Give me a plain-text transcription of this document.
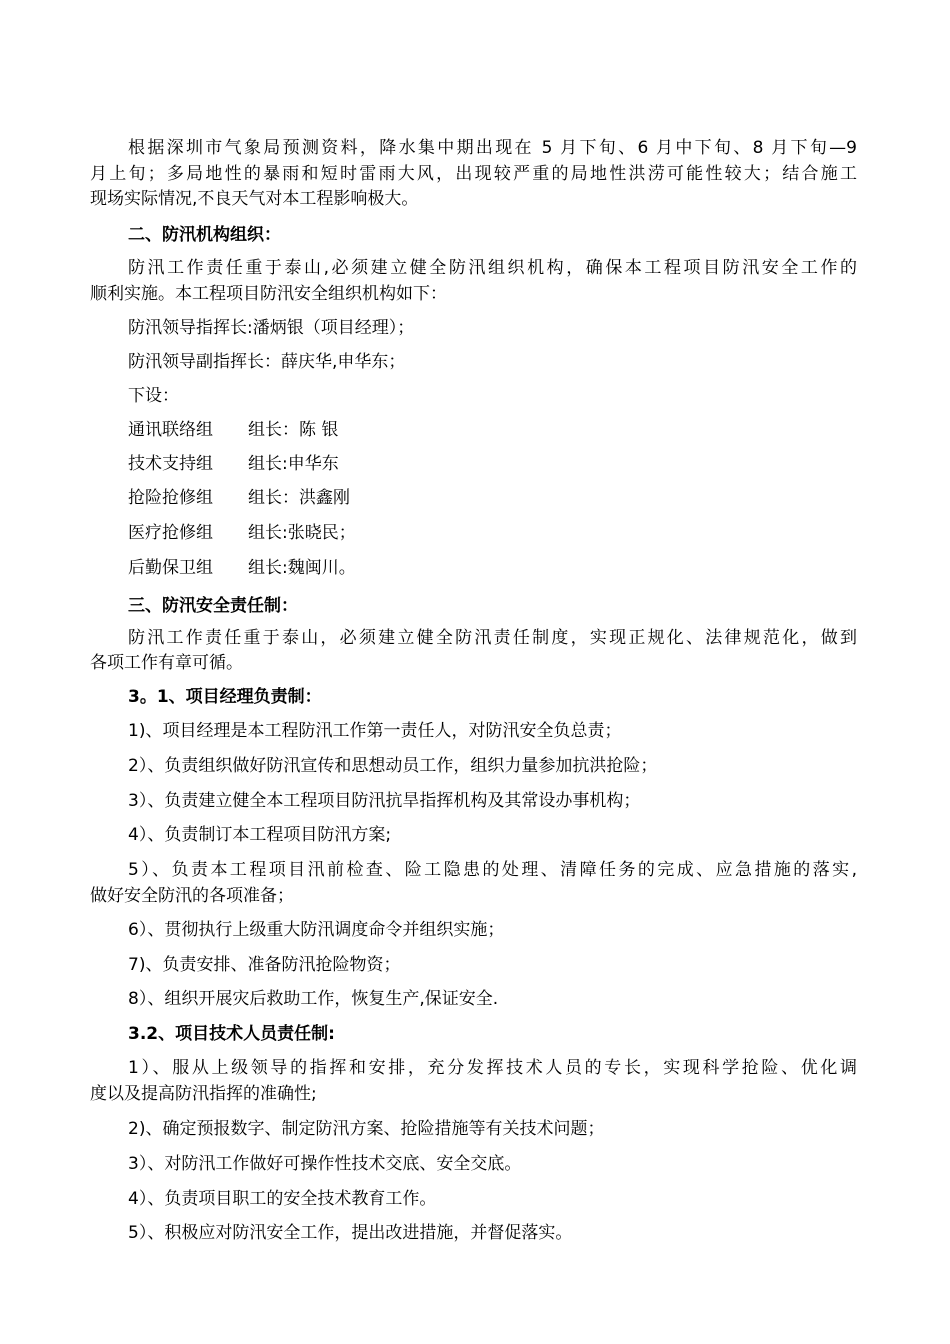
根据深圳市气象局预测资料，降水集中期出现在 5 月下旬、6 月中下旬、8 月下旬—9
月上旬；多局地性的暴雨和短时雷雨大风，出现较严重的局地性洪涝可能性较大；结合施工
现场实际情况,不良天气对本工程影响极大。
二、防汛机构组织：
防汛工作责任重于泰山,必须建立健全防汛组织机构，确保本工程项目防汛安全工作的
顺利实施。本工程项目防汛安全组织机构如下：
防汛领导指挥长:潘炳银（项目经理）；
防汛领导副指挥长：薛庆华,申华东；
下设：
通讯联络组 组长：陈 银
技术支持组 组长:申华东
抢险抢修组 组长：洪鑫刚
医疗抢修组 组长:张晓民；
后勤保卫组 组长:魏闽川。
三、防汛安全责任制：
防汛工作责任重于泰山，必须建立健全防汛责任制度，实现正规化、法律规范化，做到
各项工作有章可循。
3。1、项目经理负责制：
1)、项目经理是本工程防汛工作第一责任人，对防汛安全负总责；
2）、负责组织做好防汛宣传和思想动员工作，组织力量参加抗洪抢险；
3）、负责建立健全本工程项目防汛抗旱指挥机构及其常设办事机构；
4）、负责制订本工程项目防汛方案;
5）、负责本工程项目汛前检查、险工隐患的处理、清障任务的完成、应急措施的落实,
做好安全防汛的各项准备；
6）、贯彻执行上级重大防汛调度命令并组织实施；
7)、负责安排、准备防汛抢险物资；
8）、组织开展灾后救助工作，恢复生产,保证安全.
3.2、项目技术人员责任制:
1）、服从上级领导的指挥和安排，充分发挥技术人员的专长，实现科学抢险、优化调
度以及提高防汛指挥的准确性;
2)、确定预报数字、制定防汛方案、抢险措施等有关技术问题；
3）、对防汛工作做好可操作性技术交底、安全交底。
4）、负责项目职工的安全技术教育工作。
5）、积极应对防汛安全工作，提出改进措施，并督促落实。
